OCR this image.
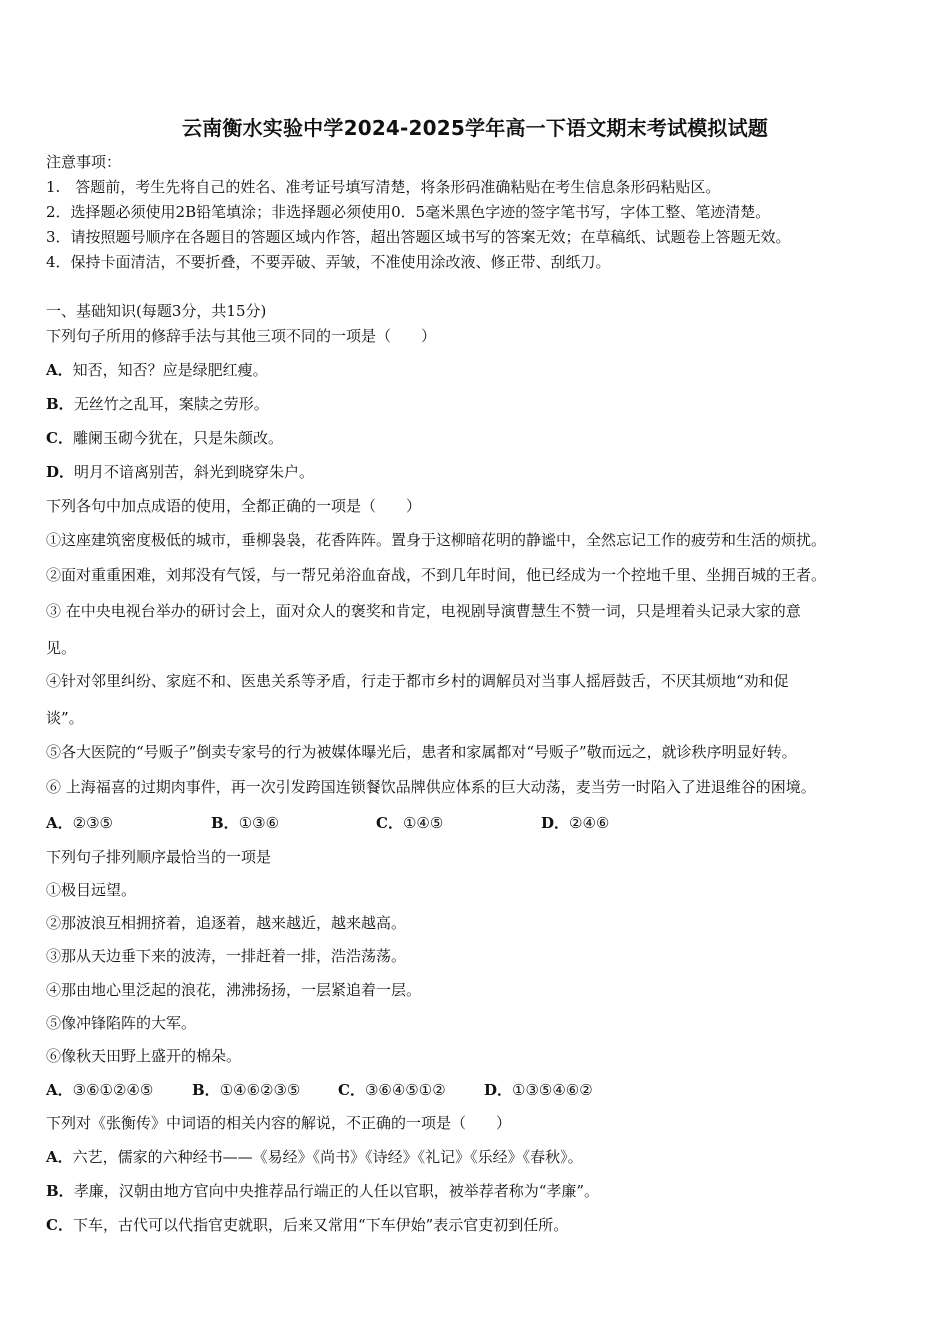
云南衡水实验中学2024-2025学年高一下语文期末考试模拟试题
注意事项：
1.　答题前，考生先将自己的姓名、准考证号填写清楚，将条形码准确粘贴在考生信息条形码粘贴区。
2．选择题必须使用2B铅笔填涂；非选择题必须使用0．5毫米黑色字迹的签字笔书写，字体工整、笔迹清楚。
3．请按照题号顺序在各题目的答题区域内作答，超出答题区域书写的答案无效；在草稿纸、试题卷上答题无效。
4．保持卡面清洁，不要折叠，不要弄破、弄皱，不准使用涂改液、修正带、刮纸刀。
一、基础知识(每题3分，共15分)
下列句子所用的修辞手法与其他三项不同的一项是（　　）
A．知否，知否？应是绿肥红瘦。
B．无丝竹之乱耳，案牍之劳形。
C．雕阑玉砌今犹在，只是朱颜改。
D．明月不谙离别苦，斜光到晓穿朱户。
下列各句中加点成语的使用，全都正确的一项是（　　）
①这座建筑密度极低的城市，垂柳袅袅，花香阵阵。置身于这柳暗花明的静谧中，全然忘记工作的疲劳和生活的烦扰。
②面对重重困难，刘邦没有气馁，与一帮兄弟浴血奋战，不到几年时间，他已经成为一个控地千里、坐拥百城的王者。
③ 在中央电视台举办的研讨会上，面对众人的褒奖和肯定，电视剧导演曹慧生不赞一词，只是埋着头记录大家的意
见。
④针对邻里纠纷、家庭不和、医患关系等矛盾，行走于都市乡村的调解员对当事人摇唇鼓舌，不厌其烦地“劝和促
谈”。
⑤各大医院的“号贩子”倒卖专家号的行为被媒体曝光后，患者和家属都对“号贩子”敬而远之，就诊秩序明显好转。
⑥ 上海福喜的过期肉事件，再一次引发跨国连锁餐饮品牌供应体系的巨大动荡，麦当劳一时陷入了进退维谷的困境。
A．②③⑤	B．①③⑥	C．①④⑤	D．②④⑥
下列句子排列顺序最恰当的一项是
①极目远望。
②那波浪互相拥挤着，追逐着，越来越近，越来越高。
③那从天边垂下来的波涛，一排赶着一排，浩浩荡荡。
④那由地心里泛起的浪花，沸沸扬扬，一层紧追着一层。
⑤像冲锋陷阵的大军。
⑥像秋天田野上盛开的棉朵。
A．③⑥①②④⑤	B．①④⑥②③⑤	C．③⑥④⑤①②	D．①③⑤④⑥②
下列对《张衡传》中词语的相关内容的解说，不正确的一项是（　　）
A．六艺，儒家的六种经书——《易经》《尚书》《诗经》《礼记》《乐经》《春秋》。
B．孝廉，汉朝由地方官向中央推荐品行端正的人任以官职，被举荐者称为“孝廉”。
C．下车，古代可以代指官吏就职，后来又常用“下车伊始”表示官吏初到任所。
